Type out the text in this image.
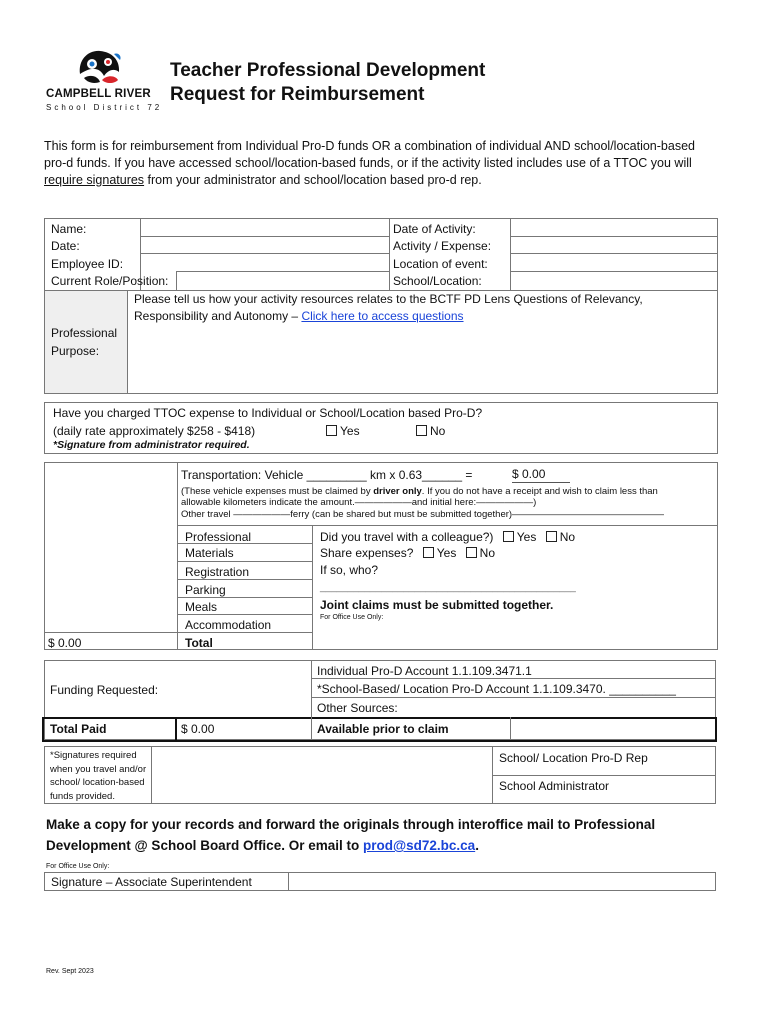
CAMPBELL RIVER
School District 72
Teacher Professional Development
Request for Reimbursement
This form is for reimbursement from Individual Pro-D funds OR a combination of individual AND school/location-based
pro-d funds. If you have accessed school/location-based funds, or if the activity listed includes use of a TTOC you will
require signatures from your administrator and school/location based pro-d rep.
Name:
Date:
Employee ID:
Current Role/Position:
Date of Activity:
Activity / Expense:
Location of event:
School/Location:
Professional
Purpose:
Please tell us how your activity resources relates to the BCTF PD Lens Questions of Relevancy,
Responsibility and Autonomy – Click here to access questions
Have you charged TTOC expense to Individual or School/Location based Pro-D?
(daily rate approximately $258 - $418)	Yes	No
*Signature from administrator required.
Transportation: Vehicle _________ km x 0.63______ =	$ 0.00
(These vehicle expenses must be claimed by driver only. If you do not have a receipt and wish to claim less than
allowable kilometers indicate the amount.——————and initial here:——————)
Other travel ——————ferry (can be shared but must be submitted together)————————————————
Professional
Materials
Registration
Parking
Meals
Accommodation
Total
$ 0.00
Did you travel with a colleague?) Yes No
Share expenses? Yes No
If so, who?
______________________________________________
Joint claims must be submitted together.
For Office Use Only:
Funding Requested:
Individual Pro-D Account 1.1.109.3471.1
*School-Based/ Location Pro-D Account 1.1.109.3470. __________
Other Sources:
Total Paid	$ 0.00	Available prior to claim
*Signatures required
when you travel and/or
school/ location-based
funds provided.
School/ Location Pro-D Rep
School Administrator
Make a copy for your records and forward the originals through interoffice mail to Professional
Development @ School Board Office. Or email to prod@sd72.bc.ca.
For Office Use Only:
Signature – Associate Superintendent
Rev. Sept 2023
